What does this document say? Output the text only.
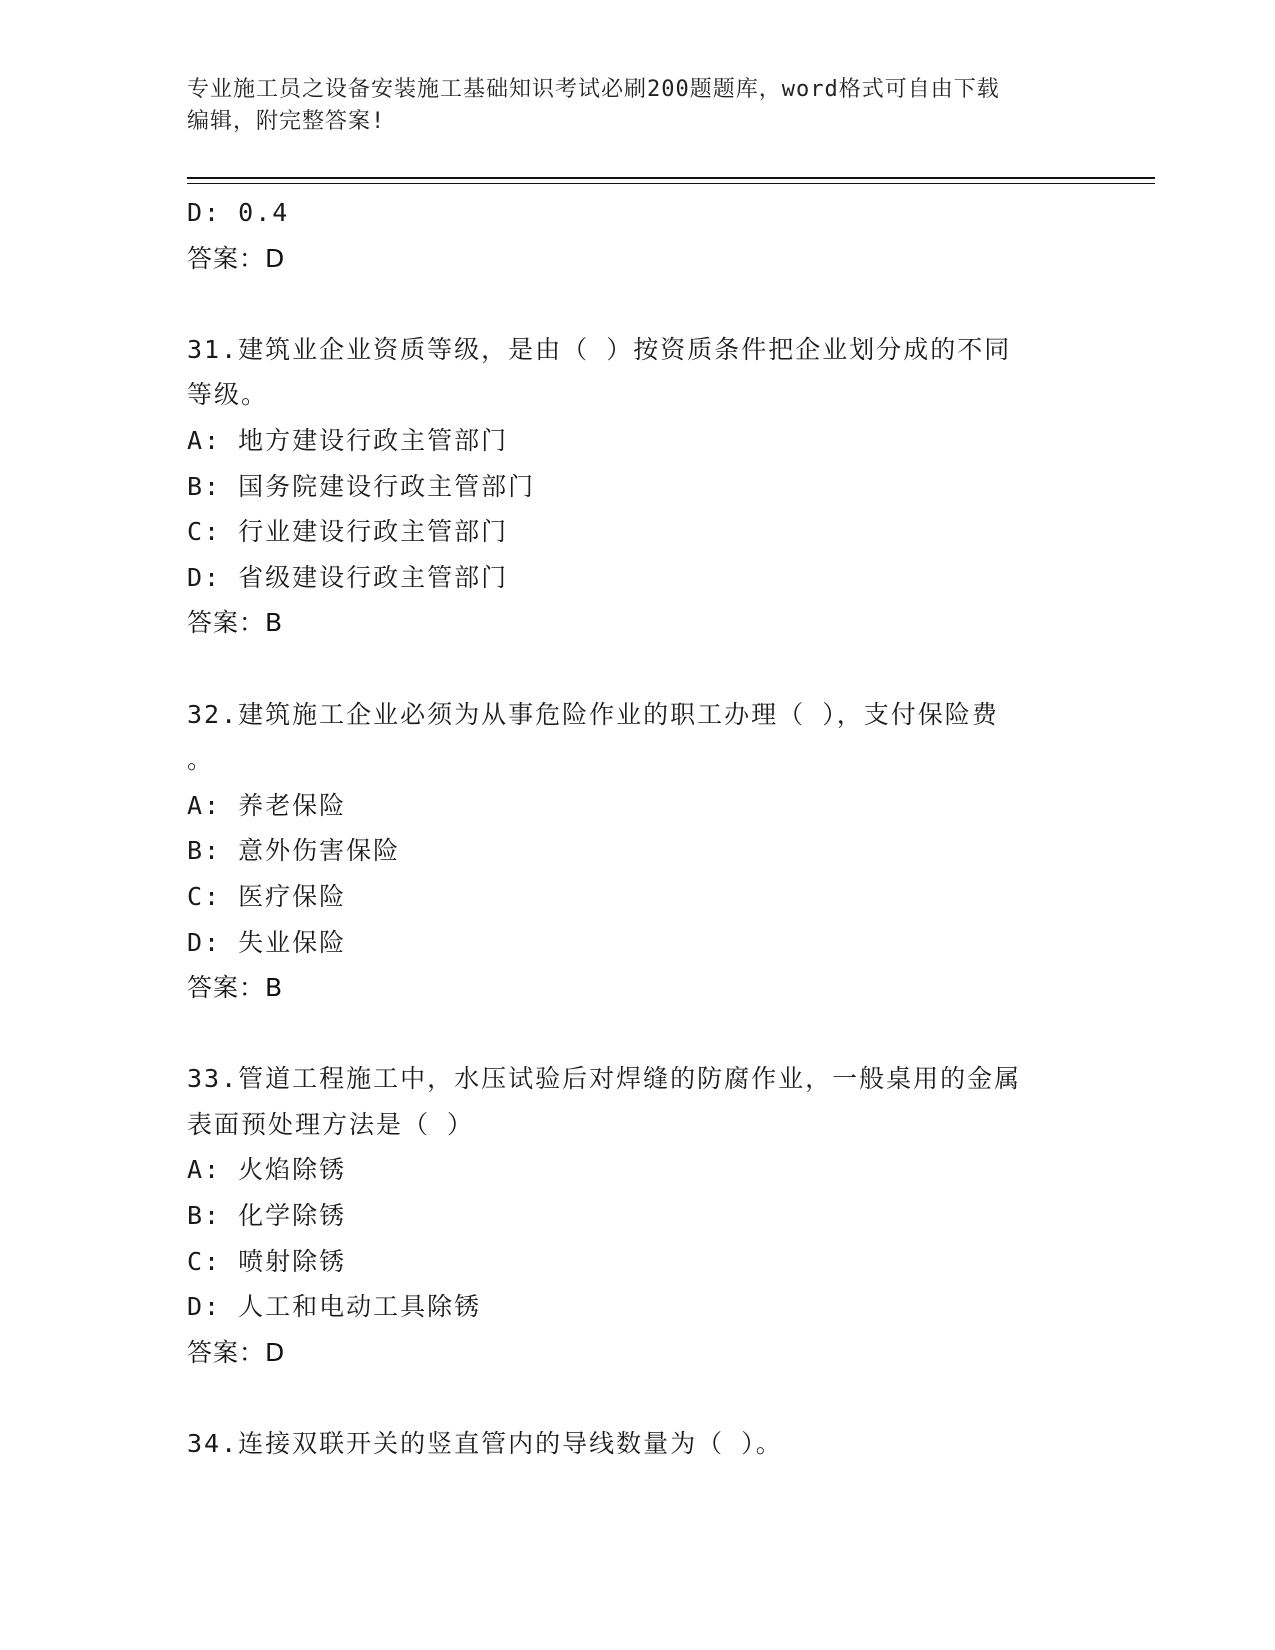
专业施工员之设备安装施工基础知识考试必刷200题题库，word格式可自由下载
编辑，附完整答案!
D: 0.4
答案：D
31.建筑业企业资质等级，是由（ ）按资质条件把企业划分成的不同
等级。
A: 地方建设行政主管部门
B: 国务院建设行政主管部门
C: 行业建设行政主管部门
D: 省级建设行政主管部门
答案：B
32.建筑施工企业必须为从事危险作业的职工办理（ ），支付保险费
。
A: 养老保险
B: 意外伤害保险
C: 医疗保险
D: 失业保险
答案：B
33.管道工程施工中，水压试验后对焊缝的防腐作业，一般桌用的金属
表面预处理方法是（ ）
A: 火焰除锈
B: 化学除锈
C: 喷射除锈
D: 人工和电动工具除锈
答案：D
34.连接双联开关的竖直管内的导线数量为（ ）。
